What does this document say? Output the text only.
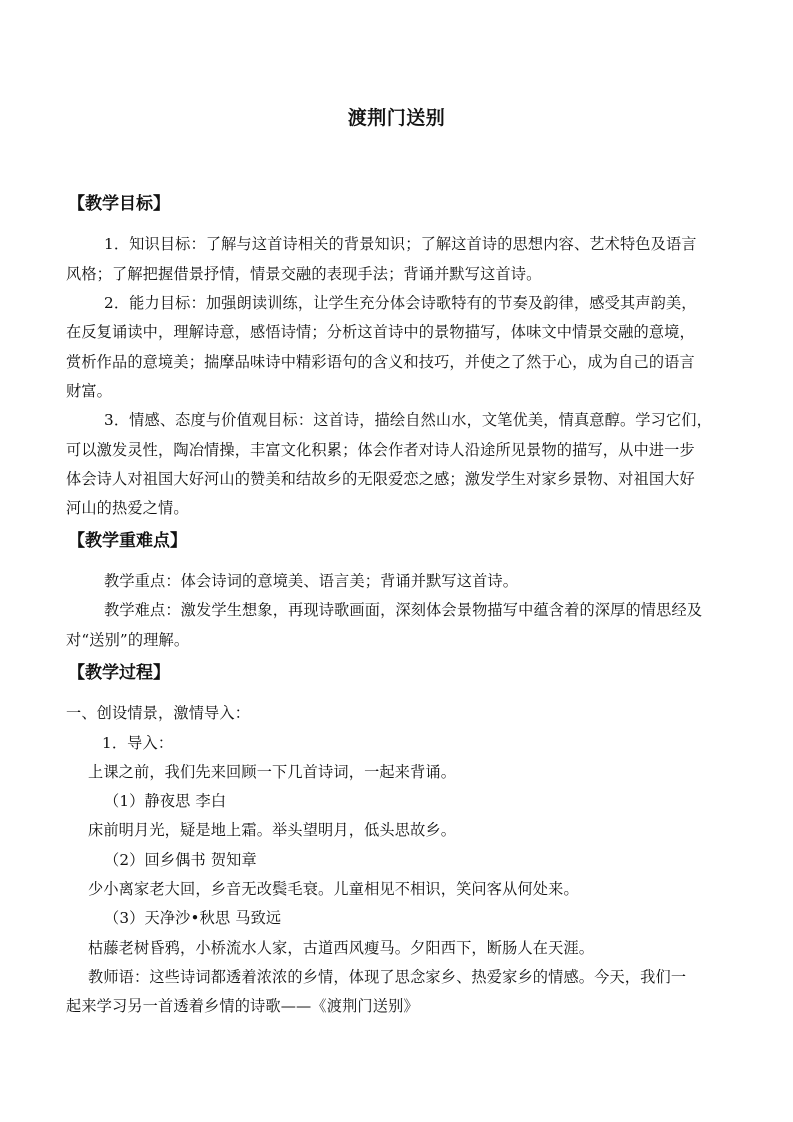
渡荆门送别
【教学目标】
1．知识目标：了解与这首诗相关的背景知识；了解这首诗的思想内容、艺术特色及语言
风格；了解把握借景抒情，情景交融的表现手法；背诵并默写这首诗。
2．能力目标：加强朗读训练，让学生充分体会诗歌特有的节奏及韵律，感受其声韵美，
在反复诵读中，理解诗意，感悟诗情；分析这首诗中的景物描写，体味文中情景交融的意境，
赏析作品的意境美；揣摩品味诗中精彩语句的含义和技巧，并使之了然于心，成为自己的语言
财富。
3．情感、态度与价值观目标：这首诗，描绘自然山水，文笔优美，情真意醇。学习它们，
可以激发灵性，陶冶情操，丰富文化积累；体会作者对诗人沿途所见景物的描写，从中进一步
体会诗人对祖国大好河山的赞美和结故乡的无限爱恋之感；激发学生对家乡景物、对祖国大好
河山的热爱之情。
【教学重难点】
教学重点：体会诗词的意境美、语言美；背诵并默写这首诗。
教学难点：激发学生想象，再现诗歌画面，深刻体会景物描写中蕴含着的深厚的情思经及
对“送别”的理解。
【教学过程】
一、创设情景，激情导入：
1．导入：
上课之前，我们先来回顾一下几首诗词，一起来背诵。
（1）静夜思 李白
床前明月光，疑是地上霜。举头望明月，低头思故乡。
（2）回乡偶书 贺知章
少小离家老大回，乡音无改鬓毛衰。儿童相见不相识，笑问客从何处来。
（3）天净沙•秋思 马致远
枯藤老树昏鸦，小桥流水人家，古道西风瘦马。夕阳西下，断肠人在天涯。
教师语：这些诗词都透着浓浓的乡情，体现了思念家乡、热爱家乡的情感。今天，我们一
起来学习另一首透着乡情的诗歌——《渡荆门送别》
